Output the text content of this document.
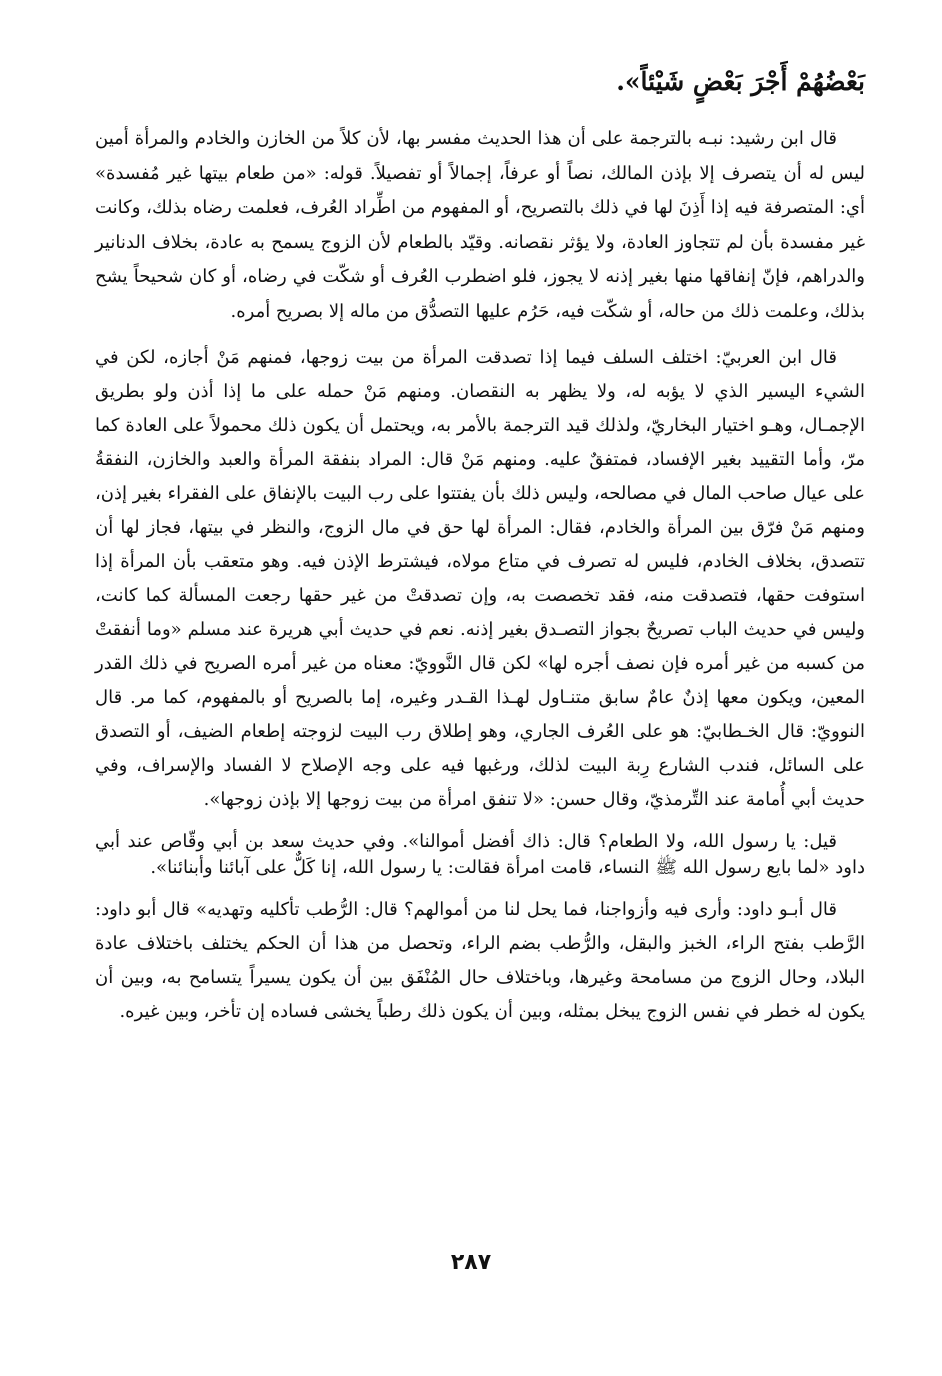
بَعْضُهُمْ أَجْرَ بَعْضٍ شَيْئاً».

قال ابن رشيد: نبـه بالترجمة على أن هذا الحديث مفسر بها، لأن كلاً من الخازن والخادم والمرأة أمين ليس له أن يتصرف إلا بإذن المالك، نصاً أو عرفاً، إجمالاً أو تفصيلاً. قوله: «من طعام بيتها غير مُفسدة» أي: المتصرفة فيه إذا أَذِنَ لها في ذلك بالتصريح، أو المفهوم من اطِّراد العُرف، فعلمت رضاه بذلك، وكانت غير مفسدة بأن لم تتجاوز العادة، ولا يؤثر نقصانه. وقيّد بالطعام لأن الزوج يسمح به عادة، بخلاف الدنانير والدراهم، فإنّ إنفاقها منها بغير إذنه لا يجوز، فلو اضطرب العُرف أو شكّت في رضاه، أو كان شحيحاً يشح بذلك، وعلمت ذلك من حاله، أو شكّت فيه، حَرُم عليها التصدُّق من ماله إلا بصريح أمره.

قال ابن العربيّ: اختلف السلف فيما إذا تصدقت المرأة من بيت زوجها، فمنهم مَنْ أجازه، لكن في الشيء اليسير الذي لا يؤبه له، ولا يظهر به النقصان. ومنهم مَنْ حمله على ما إذا أذن ولو بطريق الإجمـال، وهـو اختيار البخاريّ، ولذلك قيد الترجمة بالأمر به، ويحتمل أن يكون ذلك محمولاً على العادة كما مرّ، وأما التقييد بغير الإفساد، فمتفقٌ عليه. ومنهم مَنْ قال: المراد بنفقة المرأة والعبد والخازن، النفقةُ على عيال صاحب المال في مصالحه، وليس ذلك بأن يفتتوا على رب البيت بالإنفاق على الفقراء بغير إذن، ومنهم مَنْ فرّق بين المرأة والخادم، فقال: المرأة لها حق في مال الزوج، والنظر في بيتها، فجاز لها أن تتصدق، بخلاف الخادم، فليس له تصرف في متاع مولاه، فيشترط الإذن فيه. وهو متعقب بأن المرأة إذا استوفت حقها، فتصدقت منه، فقد تخصصت به، وإن تصدقتْ من غير حقها رجعت المسألة كما كانت، وليس في حديث الباب تصريحٌ بجواز التصـدق بغير إذنه. نعم في حديث أبي هريرة عند مسلم «وما أنفقتْ من كسبه من غير أمره فإن نصف أجره لها» لكن قال النَّوويّ: معناه من غير أمره الصريح في ذلك القدر المعين، ويكون معها إذنٌ عامٌ سابق متنـاول لهـذا القـدر وغيره، إما بالصريح أو بالمفهوم، كما مر. قال النوويّ: قال الخـطابيّ: هو على العُرف الجاري، وهو إطلاق رب البيت لزوجته إطعام الضيف، أو التصدق على السائل، فندب الشارع رِبة البيت لذلك، ورغبها فيه على وجه الإصلاح لا الفساد والإسراف، وفي حديث أبي أُمامة عند التِّرمذيّ، وقال حسن: «لا تنفق امرأة من بيت زوجها إلا بإذن زوجها».

قيل: يا رسول الله، ولا الطعام؟ قال: ذاك أفضل أموالنا». وفي حديث سعد بن أبي وقّاص عند أبي داود «لما بايع رسول الله ﷺ النساء، قامت امرأة فقالت: يا رسول الله، إنا كَلٌّ على آبائنا وأبنائنا».

قال أبـو داود: وأرى فيه وأزواجنا، فما يحل لنا من أموالهم؟ قال: الرُّطب تأكليه وتهديه» قال أبو داود: الرَّطب بفتح الراء، الخبز والبقل، والرُّطب بضم الراء، وتحصل من هذا أن الحكم يختلف باختلاف عادة البلاد، وحال الزوج من مسامحة وغيرها، وباختلاف حال المُنْفَق بين أن يكون يسيراً يتسامح به، وبين أن يكون له خطر في نفس الزوج يبخل بمثله، وبين أن يكون ذلك رطباً يخشى فساده إن تأخر، وبين غيره.

٢٨٧
